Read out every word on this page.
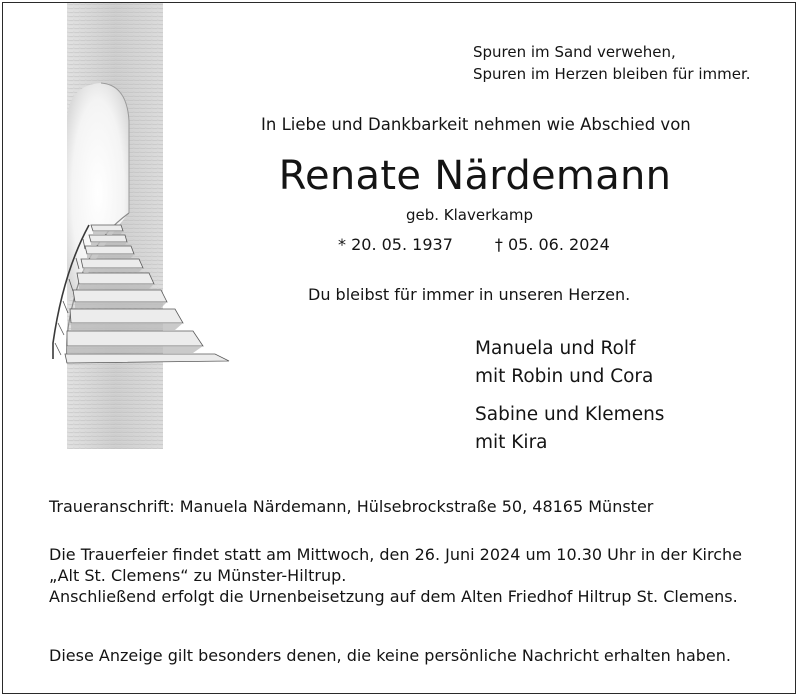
Spuren im Sand verwehen,
Spuren im Herzen bleiben für immer.
In Liebe und Dankbarkeit nehmen wie Abschied von
Renate Närdemann
geb. Klaverkamp
* 20. 05. 1937	† 05. 06. 2024
Du bleibst für immer in unseren Herzen.
Manuela und Rolf
mit Robin und Cora
Sabine und Klemens
mit Kira
Traueranschrift: Manuela Närdemann, Hülsebrockstraße 50, 48165 Münster
Die Trauerfeier findet statt am Mittwoch, den 26. Juni 2024 um 10.30 Uhr in der Kirche
„Alt St. Clemens“ zu Münster-Hiltrup.
Anschließend erfolgt die Urnenbeisetzung auf dem Alten Friedhof Hiltrup St. Clemens.
Diese Anzeige gilt besonders denen, die keine persönliche Nachricht erhalten haben.
